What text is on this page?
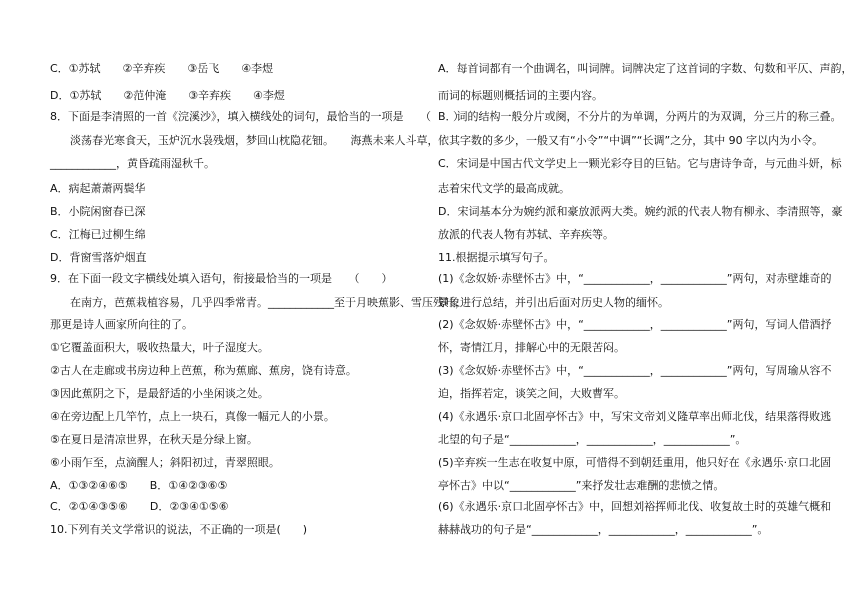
C．①苏轼　　②辛弃疾　　③岳飞　　④李煜
D．①苏轼　　②范仲淹　　③辛弃疾　　④李煜
8．下面是李清照的一首《浣溪沙》，填入横线处的词句，最恰当的一项是　　（　　）
淡荡春光寒食天，玉炉沉水袅残烟，梦回山枕隐花钿。　　海燕未来人斗草，
____________，黄昏疏雨湿秋千。
A．病起萧萧两鬓华
B．小院闲窗春已深
C．江梅已过柳生绵
D．背窗雪落炉烟直
9．在下面一段文字横线处填入语句，衔接最恰当的一项是　　（　　）
在南方，芭蕉栽植容易，几乎四季常青。____________至于月映蕉影、雪压残叶，
那更是诗人画家所向往的了。
①它覆盖面积大，吸收热量大，叶子湿度大。
②古人在走廊或书房边种上芭蕉，称为蕉廊、蕉房，饶有诗意。
③因此蕉阴之下，是最舒适的小坐闲谈之处。
④在旁边配上几竿竹，点上一块石，真像一幅元人的小景。
⑤在夏日是清凉世界，在秋天是分绿上窗。
⑥小雨乍至，点滴醒人；斜阳初过，青翠照眼。
A．①③②④⑥⑤　　B．①④②③⑥⑤
C．②①④③⑤⑥　　D．②③④①⑤⑥
10.下列有关文学常识的说法，不正确的一项是(　　)
A．每首词都有一个曲调名，叫词牌。词牌决定了这首词的字数、句数和平仄、声韵，
而词的标题则概括词的主要内容。
B．词的结构一般分片或阕，不分片的为单调，分两片的为双调，分三片的称三叠。
依其字数的多少，一般又有“小令”“中调”“长调”之分，其中 90 字以内为小令。
C．宋词是中国古代文学史上一颗光彩夺目的巨钻。它与唐诗争奇，与元曲斗妍，标
志着宋代文学的最高成就。
D．宋词基本分为婉约派和豪放派两大类。婉约派的代表人物有柳永、李清照等，豪
放派的代表人物有苏轼、辛弃疾等。
11.根据提示填写句子。
(1)《念奴娇·赤壁怀古》中，“____________，____________”两句，对赤壁雄奇的
景象进行总结，并引出后面对历史人物的缅怀。
(2)《念奴娇·赤壁怀古》中，“____________，____________”两句，写词人借酒抒
怀，寄情江月，排解心中的无限苦闷。
(3)《念奴娇·赤壁怀古》中，“____________，____________”两句，写周瑜从容不
迫，指挥若定，谈笑之间，大败曹军。
(4)《永遇乐·京口北固亭怀古》中，写宋文帝刘义隆草率出师北伐，结果落得败逃
北望的句子是“____________，____________，____________”。
(5)辛弃疾一生志在收复中原，可惜得不到朝廷重用，他只好在《永遇乐·京口北固
亭怀古》中以“____________”来抒发壮志难酬的悲愤之情。
(6)《永遇乐·京口北固亭怀古》中，回想刘裕挥师北伐、收复故土时的英雄气概和
赫赫战功的句子是“____________，____________，____________”。
